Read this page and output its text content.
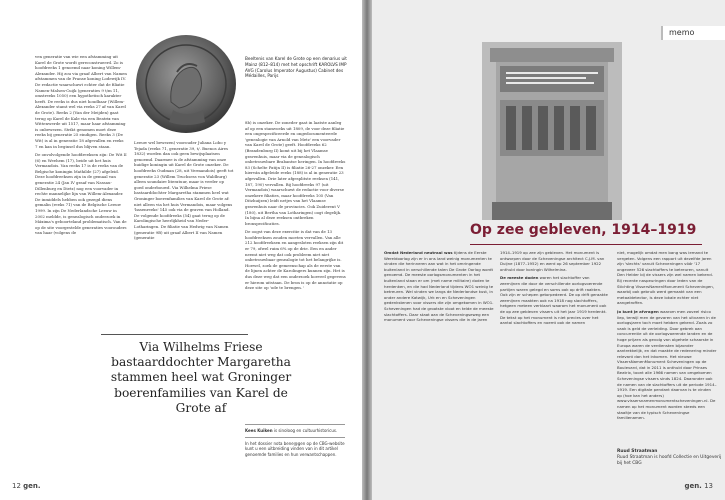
ven generatie van wie een afstamming uit Karel de Grote wordt gereconstrueerd. Zo is hoofdreeks 1 genoemd naar koning Willem-Alexander. Hij zou via graaf Albert van Namen afstammen van de Franse koning Lodewijk IV. De redactie waarschuwt echter dat de filiatie Namen-Malsen-Cuijk (generaties 9 t/m 11, omstreeks 1050) een hypothetisch karakter heeft. De reeks is dus niet houdbaar (Willem-Alexander stamt wel via reeks 27 af van Karel de Grote). Reeks 2 (Van der Meijden) gaat terug op Karel de Kale via een Beatrix van Wittenwerde uit 1517, maar haar afstamming is onbewezen. Strikt genomen moet deze reeks bij generatie 25 eindigen. Reeks 3 (De Wit) is al in generatie 18 afgevallen en reeks 7 en kan in beginsel dus blijven staan.

De onvolvolgende hoofdreeksen zijn: De Wit II (6) en Weehem (17), beide uit het huis Vermandois. Van reeks 17 is de reeks van de Belgische koningin Mathilde (27) afgeleid. Deze hoofdreeksen zijn in de gemaal van generatie 24 (Jan IV graaf van Nassau-Dillenburg en Dietz) nog een voorvader in rechte mannelijke lijn van Willem-Alexander. De inmiddels hebben ook gezegd diens gemalin (reeks 71) van de Belgische Leeuw 1999. In zijn De Nederlandsche Leeuw in 2002 meldde, is genealogisch onderzoek in Máxima's geboorteland problematisch. Van de op de site voorgestelde generaties voorouders van haar (volgens de

Beeltenis van Karel de Grote op een denarius uit Mainz (812–814) met het opschrift KAROLVS IMP AVG (Carolus Imperator Augustus) Cabinet des Médailles, Parijs

Leeuw wel bewezen) voorouder Juliana Lobo y Tejada (reeks 71, generatie 39, t/. Buenos Aires 1832) worden dan ook geen bewijsplaatsen genoemd. Daarmee is de afstamming van onze huidige koningin uit Karel de Grote onzeker. De hoofdreeks Oudman (28, uit Vermandois) geeft tot generatie 23 (Willem Truchsess von Waldburg) alleen soundaire literatuur, maar is verder op goed onderbouwd. Via Wilhelma Friese bastaarddochter Margaretha stammen heel wat Groninger boerenfamilies van Karel de Grote af: niet alleen via het huis Vermandois, maar volgens 'basenreeks' 145 ook via de graven van Holland. De volgende hoofdreeks (54) gaat terug op de Karolingische heerlijkheid van Neder-Lotharingen. De filiatie van Hedwig van Namen (generatie 9B) uit graaf Albert II van Namen (generatie

8b) is onzeker. De zoneder gaat in laatste aanleg af op een stamvoeks uit 1809, de voor deze filiatie een ongespecificeerde en ongedocumenteerde 'genealogie van Arnold van Metz' een voorvader van Karel de Grote) geeft. Hoofdreeks 62 (Brandenburg II) komt uit bij het Vlaamse gravenhuis, maar via de genealogisch onbetrouwbare Brabantse heringen. In hoofdreeks 83 (Schelte Patijn II) is filiatie 26-27 onzeker. Een hierván afgeleide reeks (188) is al in generatie 23 afgevallen. Drie later afgesplitste reeksen (141, 187, 190) vervallen. Bij hoofdreeks 97 (uit Vermandois) waarschuwt de redactie voor diverse onzekere filiaties, maar hoofdreeks 105 (Van Ditzhuijzen) leidt netjes van het Vlaamse gravenhuis naar de provincies. Ook Zuiderent V (180), uit Bertha van Lotharingen) oogt degelijk. In bijna al deze reeksen ontbreken bronspecificaties.

De oogst van deze exercitie is dat van de 13 hoofdreeksen zouden moeten vervallen. Van alle 212 hoofdreeksen en aangesloten reeksen zijn dit er 79, ofwel ruim 6% op de drie. Een en ander neemt niet weg dat ook probleem niet niet onbetrouwbaar genealogie tot het belangrijke is. Hoewel, zoek de gemeenschap als de eerste van de lijnen achter de Karolingers kunnen zijn. Het is dus deze weg dat een onderzoek hoeveel gegevens er hierom uitstaan. De bron is op de annotatie op deze site op 'ode te brengen. '

Via Wilhelms Friese bastaarddochter Margaretha stammen heel wat Groninger boerenfamilies van Karel de Grote af
Kees Kuiken is sinoloog en cultuurhistoricus.
In het dossier nota bene@gen op de CBG-website kunt u een uitbreiding vinden van in dit artikel genoemde families en hun verwantschappen.
12 gen.
memo
Op zee gebleven, 1914–1919

Omdat Nederland neutraal was tijdens de Eerste Wereldoorlog zijn er in ons land weinig monumenten te vinden die herinneren aan wat in het omringende buitenland in verschillende talen De Grote Oorlog wordt genoemd. De meeste oorlogsmonumenten in het buitenland staan er om (met name militaire) doden te herdenken, en die had Nederland tijdens WO1 weinig te betreuren. Wel vinden we langs de Nederlandse kust, in onder andere Katwijk, Urk en en Scheveningen gedenkstenen voor vissers die zijn omgekomen in WO1. Scheveningen had de grootste vloot en telde de meeste slachtoffers. Daar staat aan de Scheveningseweg een monument voor Scheveningse vissers die in de jaren 1914–1919 op zee zijn gebleven. Het monument is ontworpen door de Scheveningse architect C.J.M. van Duijne (1877–1952) en werd op 26 september 1922 onthuld door koningin Wilhelmina.

De meeste doden waren het slachtoffer van zeemijnen die door de verschillende oorlogvoerende partijen waren gelegd en soms ook op drift raakten. Ook zijn er schepen getorpedeerd. De op drift geraakte zeemijnen maakten ook na 1918 nog slachtoffers, hetgeen meteen verklaart waarom het monument ook de op zee gebleven vissers uit het jaar 1919 herdenkt. De tekst op het monument is niet precies over het aantal slachtoffers en noemt ook de namen

niet, mogelijk omdat men bang was iemand te vergeten. Volgens een rapport uit dezelfde jaren zijn 'slechts' vanuit Scheveningen vóór '17 ongeveer 526 slachtoffers te betreuren, vanuit Den Helder bij de vissers zijn wel namen bekend. Bij recente naspeuringen door leden van de Stichting VissersNamenMonument Scheveningen, waarbij ook gebruik werd gemaakt van een metaaldetector, is deze lokale echter niet aangetroffen.

Jo kunt je afvragen waarom men zoveel risico liep, terwijl men de gevaren van het uitvaren in de oorlogsjaren toch moet hebben gekend. Zoals zo vaak is geld de verleiding. Door gebrek aan concurrentie uit de oorlogvoerende landen en de hoge prijzen als gevolg van algehele schaarste in Europa waren de verdiensten bijzonder aantrekkelijk, en dat maakte de redenering minder relevant dan het inkomen. Het nieuwe VissersNamenMonument Scheveningen op de Boulevard, dat in 2011 is onthuld door Prinses Beatrix, toont alle 1966 namen van omgekomen Scheveningse vissers sinds 1824. Daaronder ook de namen van de slachtoffers uit de periode 1914–1919. Een digitale pendant daarvan is te vinden op (hoe kan het anders) www.vissersnamenmonumentscheveningen.nl. De namen op het monument worden steeds een staaltje van de typisch Scheveningse familienamen.

Ruud Straatman
Ruud Straatman is hoofd Collectie en Uitgeverij bij het CBG
gen. 13
